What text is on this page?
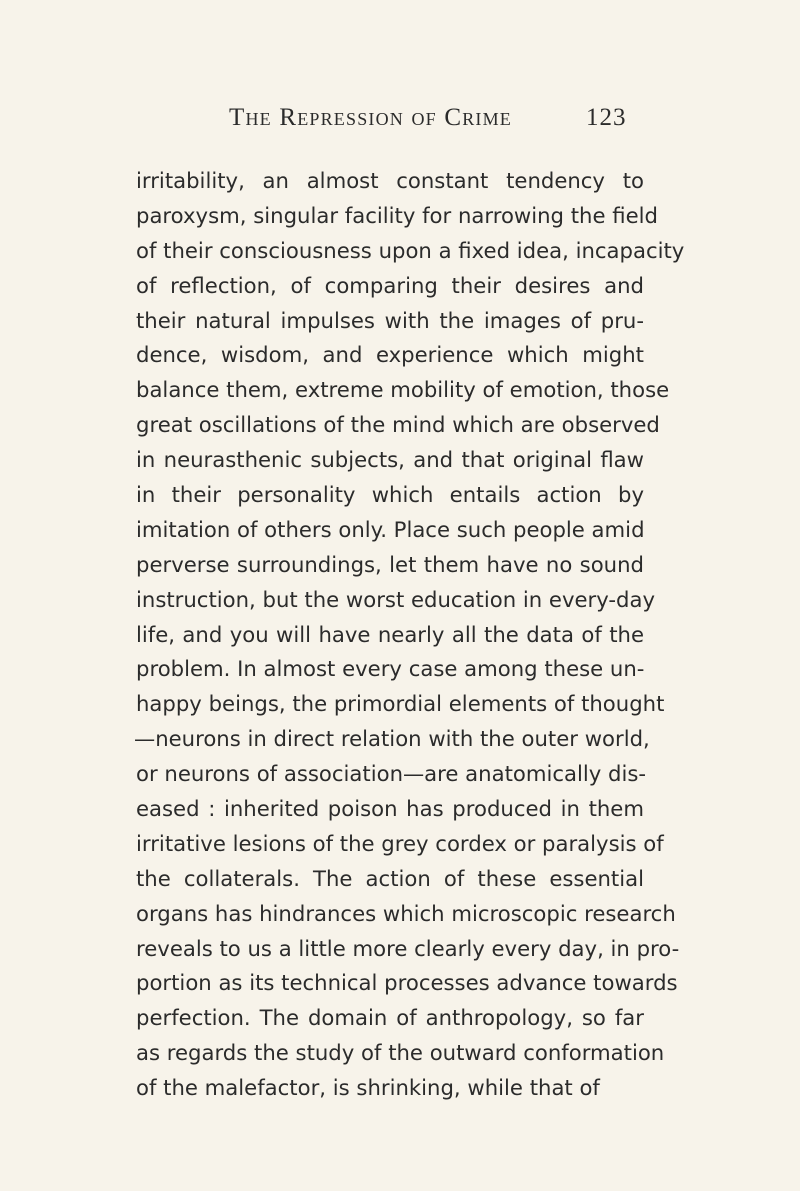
The Repression of Crime	123
irritability, an almost constant tendency to
paroxysm, singular facility for narrowing the field
of their consciousness upon a fixed idea, incapacity
of reflection, of comparing their desires and
their natural impulses with the images of pru-
dence, wisdom, and experience which might
balance them, extreme mobility of emotion, those
great oscillations of the mind which are observed
in neurasthenic subjects, and that original flaw
in their personality which entails action by
imitation of others only. Place such people amid
perverse surroundings, let them have no sound
instruction, but the worst education in every-day
life, and you will have nearly all the data of the
problem. In almost every case among these un-
happy beings, the primordial elements of thought
—neurons in direct relation with the outer world,
or neurons of association—are anatomically dis-
eased : inherited poison has produced in them
irritative lesions of the grey cordex or paralysis of
the collaterals. The action of these essential
organs has hindrances which microscopic research
reveals to us a little more clearly every day, in pro-
portion as its technical processes advance towards
perfection. The domain of anthropology, so far
as regards the study of the outward conformation
of the malefactor, is shrinking, while that of
